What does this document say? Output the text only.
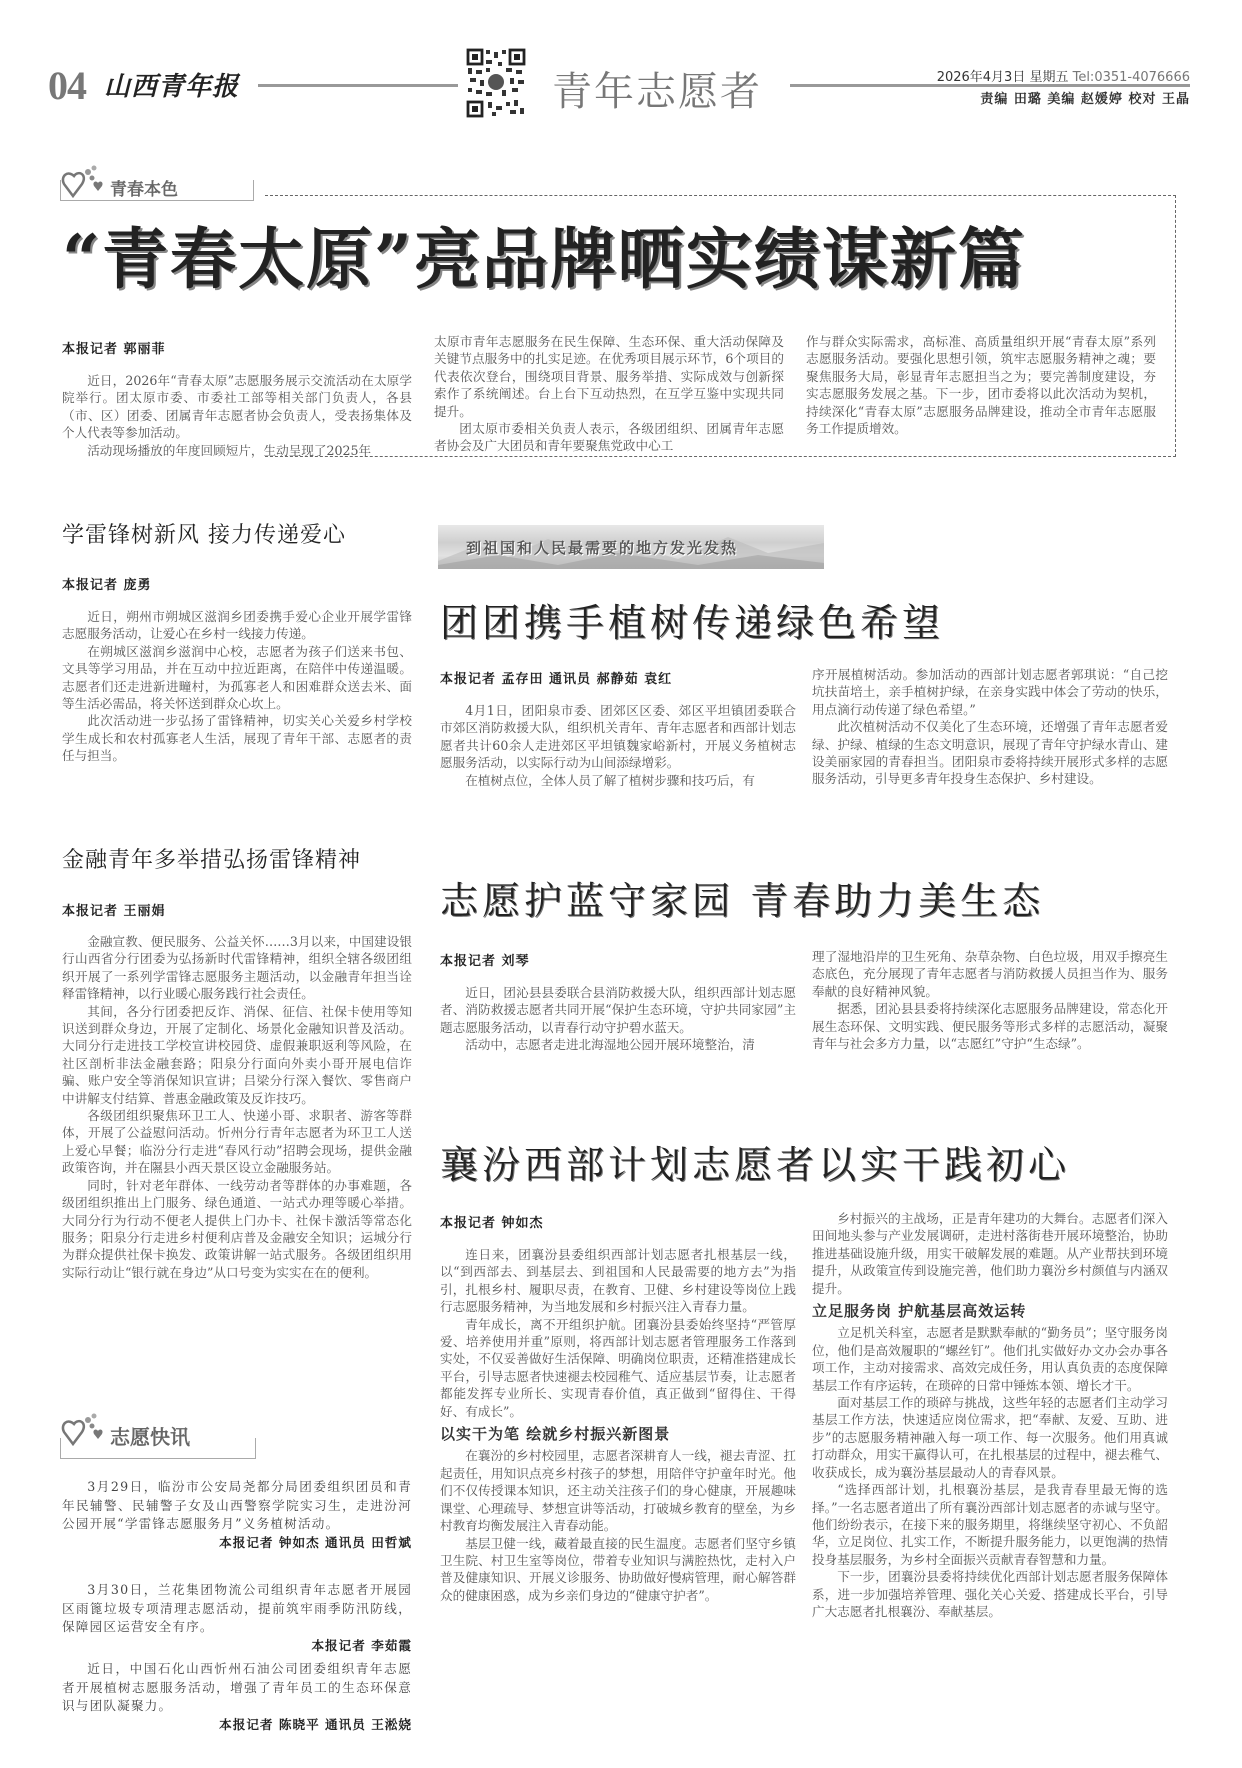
04 山西青年报	青年志愿者	2026年4月3日 星期五 Tel:0351-4076666
责编 田璐 美编 赵媛婷 校对 王晶
青春本色
“青春太原”亮品牌晒实绩谋新篇
本报记者 郭丽菲

近日，2026年“青春太原”志愿服务展示交流活动在太原学院举行。团太原市委、市委社工部等相关部门负责人，各县（市、区）团委、团属青年志愿者协会负责人，受表扬集体及个人代表等参加活动。

活动现场播放的年度回顾短片，生动呈现了2025年

太原市青年志愿服务在民生保障、生态环保、重大活动保障及关键节点服务中的扎实足迹。在优秀项目展示环节，6个项目的代表依次登台，围绕项目背景、服务举措、实际成效与创新探索作了系统阐述。台上台下互动热烈，在互学互鉴中实现共同提升。

团太原市委相关负责人表示，各级团组织、团属青年志愿者协会及广大团员和青年要聚焦党政中心工

作与群众实际需求，高标准、高质量组织开展“青春太原”系列志愿服务活动。要强化思想引领，筑牢志愿服务精神之魂；要聚焦服务大局，彰显青年志愿担当之为；要完善制度建设，夯实志愿服务发展之基。下一步，团市委将以此次活动为契机，持续深化“青春太原”志愿服务品牌建设，推动全市青年志愿服务工作提质增效。

学雷锋树新风 接力传递爱心
本报记者 庞勇

近日，朔州市朔城区滋润乡团委携手爱心企业开展学雷锋志愿服务活动，让爱心在乡村一线接力传递。

在朔城区滋润乡滋润中心校，志愿者为孩子们送来书包、文具等学习用品，并在互动中拉近距离，在陪伴中传递温暖。志愿者们还走进新进疃村，为孤寡老人和困难群众送去米、面等生活必需品，将关怀送到群众心坎上。

此次活动进一步弘扬了雷锋精神，切实关心关爱乡村学校学生成长和农村孤寡老人生活，展现了青年干部、志愿者的责任与担当。

金融青年多举措弘扬雷锋精神
本报记者 王丽娟

金融宣教、便民服务、公益关怀……3月以来，中国建设银行山西省分行团委为弘扬新时代雷锋精神，组织全辖各级团组织开展了一系列学雷锋志愿服务主题活动，以金融青年担当诠释雷锋精神，以行业暖心服务践行社会责任。

其间，各分行团委把反诈、消保、征信、社保卡使用等知识送到群众身边，开展了定制化、场景化金融知识普及活动。大同分行走进技工学校宣讲校园贷、虚假兼职返利等风险，在社区剖析非法金融套路；阳泉分行面向外卖小哥开展电信诈骗、账户安全等消保知识宣讲；吕梁分行深入餐饮、零售商户中讲解支付结算、普惠金融政策及反诈技巧。

各级团组织聚焦环卫工人、快递小哥、求职者、游客等群体，开展了公益慰问活动。忻州分行青年志愿者为环卫工人送上爱心早餐；临汾分行走进“春风行动”招聘会现场，提供金融政策咨询，并在隰县小西天景区设立金融服务站。

同时，针对老年群体、一线劳动者等群体的办事难题，各级团组织推出上门服务、绿色通道、一站式办理等暖心举措。大同分行为行动不便老人提供上门办卡、社保卡激活等常态化服务；阳泉分行走进乡村便利店普及金融安全知识；运城分行为群众提供社保卡换发、政策讲解一站式服务。各级团组织用实际行动让“银行就在身边”从口号变为实实在在的便利。

志愿快讯

3月29日，临汾市公安局尧都分局团委组织团员和青年民辅警、民辅警子女及山西警察学院实习生，走进汾河公园开展“学雷锋志愿服务月”义务植树活动。

本报记者 钟如杰 通讯员 田哲斌

3月30日，兰花集团物流公司组织青年志愿者开展园区雨篦垃圾专项清理志愿活动，提前筑牢雨季防汛防线，保障园区运营安全有序。

本报记者 李茹霞

近日，中国石化山西忻州石油公司团委组织青年志愿者开展植树志愿服务活动，增强了青年员工的生态环保意识与团队凝聚力。

本报记者 陈晓平 通讯员 王淞娆
到祖国和人民最需要的地方发光发热
团团携手植树传递绿色希望
本报记者 孟存田 通讯员 郝静茹 袁红

4月1日，团阳泉市委、团郊区区委、郊区平坦镇团委联合市郊区消防救援大队，组织机关青年、青年志愿者和西部计划志愿者共计60余人走进郊区平坦镇魏家峪新村，开展义务植树志愿服务活动，以实际行动为山间添绿增彩。

在植树点位，全体人员了解了植树步骤和技巧后，有

序开展植树活动。参加活动的西部计划志愿者郭琪说：“自己挖坑扶苗培土，亲手植树护绿，在亲身实践中体会了劳动的快乐，用点滴行动传递了绿色希望。”

此次植树活动不仅美化了生态环境，还增强了青年志愿者爱绿、护绿、植绿的生态文明意识，展现了青年守护绿水青山、建设美丽家园的青春担当。团阳泉市委将持续开展形式多样的志愿服务活动，引导更多青年投身生态保护、乡村建设。

志愿护蓝守家园 青春助力美生态
本报记者 刘琴

近日，团沁县县委联合县消防救援大队，组织西部计划志愿者、消防救援志愿者共同开展“保护生态环境，守护共同家园”主题志愿服务活动，以青春行动守护碧水蓝天。

活动中，志愿者走进北海湿地公园开展环境整治，清

理了湿地沿岸的卫生死角、杂草杂物、白色垃圾，用双手擦亮生态底色，充分展现了青年志愿者与消防救援人员担当作为、服务奉献的良好精神风貌。

据悉，团沁县县委将持续深化志愿服务品牌建设，常态化开展生态环保、文明实践、便民服务等形式多样的志愿活动，凝聚青年与社会多方力量，以“志愿红”守护“生态绿”。

襄汾西部计划志愿者以实干践初心
本报记者 钟如杰

连日来，团襄汾县委组织西部计划志愿者扎根基层一线，以“到西部去、到基层去、到祖国和人民最需要的地方去”为指引，扎根乡村、履职尽责，在教育、卫健、乡村建设等岗位上践行志愿服务精神，为当地发展和乡村振兴注入青春力量。

青年成长，离不开组织护航。团襄汾县委始终坚持“严管厚爱、培养使用并重”原则，将西部计划志愿者管理服务工作落到实处，不仅妥善做好生活保障、明确岗位职责，还精准搭建成长平台，引导志愿者快速褪去校园稚气、适应基层节奏，让志愿者都能发挥专业所长、实现青春价值，真正做到“留得住、干得好、有成长”。

以实干为笔 绘就乡村振兴新图景

在襄汾的乡村校园里，志愿者深耕育人一线，褪去青涩、扛起责任，用知识点亮乡村孩子的梦想，用陪伴守护童年时光。他们不仅传授课本知识，还主动关注孩子们的身心健康，开展趣味课堂、心理疏导、梦想宣讲等活动，打破城乡教育的壁垒，为乡村教育均衡发展注入青春动能。

基层卫健一线，藏着最直接的民生温度。志愿者们坚守乡镇卫生院、村卫生室等岗位，带着专业知识与满腔热忱，走村入户普及健康知识、开展义诊服务、协助做好慢病管理，耐心解答群众的健康困惑，成为乡亲们身边的“健康守护者”。

乡村振兴的主战场，正是青年建功的大舞台。志愿者们深入田间地头参与产业发展调研，走进村落街巷开展环境整治，协助推进基础设施升级，用实干破解发展的难题。从产业帮扶到环境提升，从政策宣传到设施完善，他们助力襄汾乡村颜值与内涵双提升。

立足服务岗 护航基层高效运转

立足机关科室，志愿者是默默奉献的“勤务员”；坚守服务岗位，他们是高效履职的“螺丝钉”。他们扎实做好办文办会办事各项工作，主动对接需求、高效完成任务，用认真负责的态度保障基层工作有序运转，在琐碎的日常中锤炼本领、增长才干。

面对基层工作的琐碎与挑战，这些年轻的志愿者们主动学习基层工作方法，快速适应岗位需求，把“奉献、友爱、互助、进步”的志愿服务精神融入每一项工作、每一次服务。他们用真诚打动群众，用实干赢得认可，在扎根基层的过程中，褪去稚气、收获成长，成为襄汾基层最动人的青春风景。

“选择西部计划，扎根襄汾基层，是我青春里最无悔的选择。”一名志愿者道出了所有襄汾西部计划志愿者的赤诚与坚守。他们纷纷表示，在接下来的服务期里，将继续坚守初心、不负韶华，立足岗位、扎实工作，不断提升服务能力，以更饱满的热情投身基层服务，为乡村全面振兴贡献青春智慧和力量。

下一步，团襄汾县委将持续优化西部计划志愿者服务保障体系，进一步加强培养管理、强化关心关爱、搭建成长平台，引导广大志愿者扎根襄汾、奉献基层。
